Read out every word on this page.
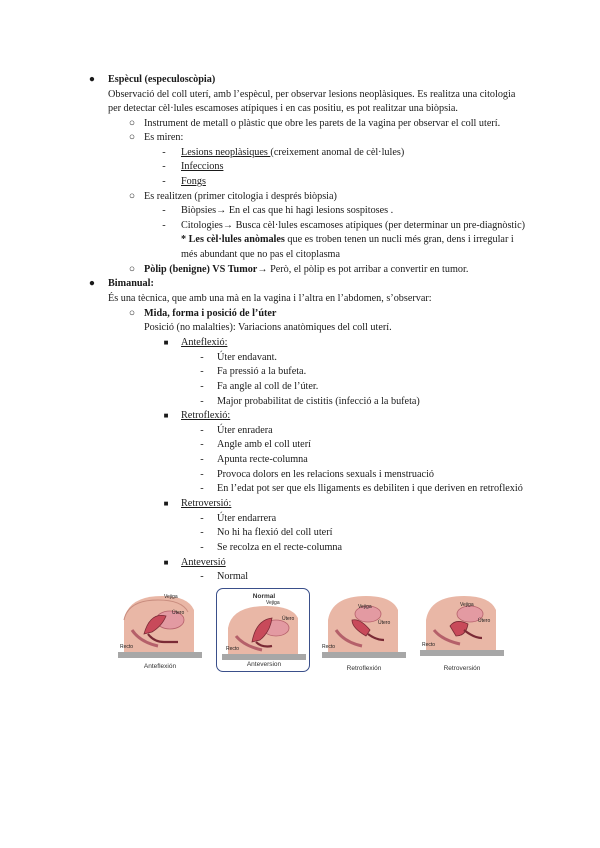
● Espècul (especuloscòpia)
Observació del coll uterí, amb l’espècul, per observar lesions neoplàsiques. Es realitza una citologia
per detectar cèl·lules escamoses atípiques i en cas positiu, es pot realitzar una biòpsia.
○ Instrument de metall o plàstic que obre les parets de la vagina per observar el coll uterí.
○ Es miren:
-	Lesions neoplàsiques (creixement anomal de cèl·lules)
-	Infeccions
-	Fongs
○ Es realitzen (primer citologia i després biòpsia)
-	Biòpsies→ En el cas que hi hagi lesions sospitoses .
-	Citologies→ Busca cèl·lules escamoses atípiques (per determinar un pre-diagnòstic)
* Les cèl·lules anòmales que es troben tenen un nucli més gran, dens i irregular i
més abundant que no pas el citoplasma
○ Pòlip (benigne) VS Tumor→ Però, el pòlip es pot arribar a convertir en tumor.
● Bimanual:
És una tècnica, que amb una mà en la vagina i l’altra en l’abdomen, s’observar:
○ Mida, forma i posició de l’úter
Posició (no malalties): Variacions anatòmiques del coll uterí.
■	Anteflexió:
-	Úter endavant.
-	Fa pressió a la bufeta.
-	Fa angle al coll de l’úter.
-	Major probabilitat de cistitis (infecció a la bufeta)
■	Retroflexió:
-	Úter enradera
-	Angle amb el coll uterí
-	Apunta recte-columna
-	Provoca dolors en les relacions sexuals i menstruació
-	En l’edat pot ser que els lligaments es debiliten i que deriven en retroflexió
■	Retroversió:
-	Úter endarrera
-	No hi ha flexió del coll uterí
-	Se recolza en el recte-columna
■	Anteversió
-	Normal
Vejiga
Útero
Recto
Anteflexión
Normal
Vejiga
Útero
Recto
Anteversion
Vejiga
Útero
Recto
Retroflexión
Vejiga
Útero
Recto
Retroversión
